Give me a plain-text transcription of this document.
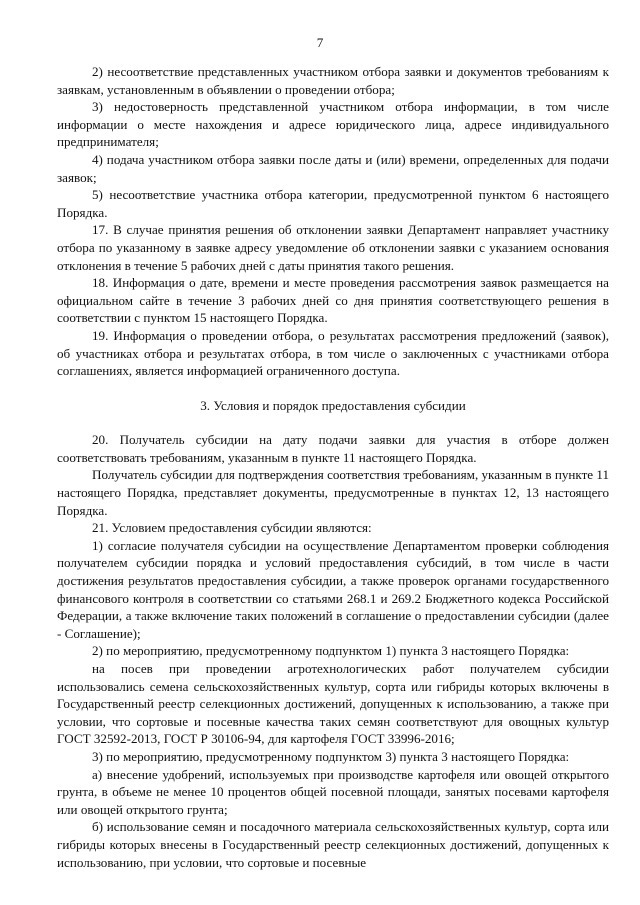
7

2) несоответствие представленных участником отбора заявки и документов требованиям к заявкам, установленным в объявлении о проведении отбора;

3) недостоверность представленной участником отбора информации, в том числе информации о месте нахождения и адресе юридического лица, адресе индивидуального предпринимателя;

4) подача участником отбора заявки после даты и (или) времени, определенных для подачи заявок;

5) несоответствие участника отбора категории, предусмотренной пунктом 6 настоящего Порядка.

17. В случае принятия решения об отклонении заявки Департамент направляет участнику отбора по указанному в заявке адресу уведомление об отклонении заявки с указанием основания отклонения в течение 5 рабочих дней с даты принятия такого решения.

18. Информация о дате, времени и месте проведения рассмотрения заявок размещается на официальном сайте в течение 3 рабочих дней со дня принятия соответствующего решения в соответствии с пунктом 15 настоящего Порядка.

19. Информация о проведении отбора, о результатах рассмотрения предложений (заявок), об участниках отбора и результатах отбора, в том числе о заключенных с участниками отбора соглашениях, является информацией ограниченного доступа.

3. Условия и порядок предоставления субсидии

20. Получатель субсидии на дату подачи заявки для участия в отборе должен соответствовать требованиям, указанным в пункте 11 настоящего Порядка.

Получатель субсидии для подтверждения соответствия требованиям, указанным в пункте 11 настоящего Порядка, представляет документы, предусмотренные в пунктах 12, 13 настоящего Порядка.

21. Условием предоставления субсидии являются:

1) согласие получателя субсидии на осуществление Департаментом проверки соблюдения получателем субсидии порядка и условий предоставления субсидий, в том числе в части достижения результатов предоставления субсидии, а также проверок органами государственного финансового контроля в соответствии со статьями 268.1 и 269.2 Бюджетного кодекса Российской Федерации, а также включение таких положений в соглашение о предоставлении субсидии (далее - Соглашение);

2) по мероприятию, предусмотренному подпунктом 1) пункта 3 настоящего Порядка:

на посев при проведении агротехнологических работ получателем субсидии использовались семена сельскохозяйственных культур, сорта или гибриды которых включены в Государственный реестр селекционных достижений, допущенных к использованию, а также при условии, что сортовые и посевные качества таких семян соответствуют для овощных культур ГОСТ 32592-2013, ГОСТ Р 30106-94, для картофеля ГОСТ 33996-2016;

3) по мероприятию, предусмотренному подпунктом 3) пункта 3 настоящего Порядка:

а) внесение удобрений, используемых при производстве картофеля или овощей открытого грунта, в объеме не менее 10 процентов общей посевной площади, занятых посевами картофеля или овощей открытого грунта;

б) использование семян и посадочного материала сельскохозяйственных культур, сорта или гибриды которых внесены в Государственный реестр селекционных достижений, допущенных к использованию, при условии, что сортовые и посевные
